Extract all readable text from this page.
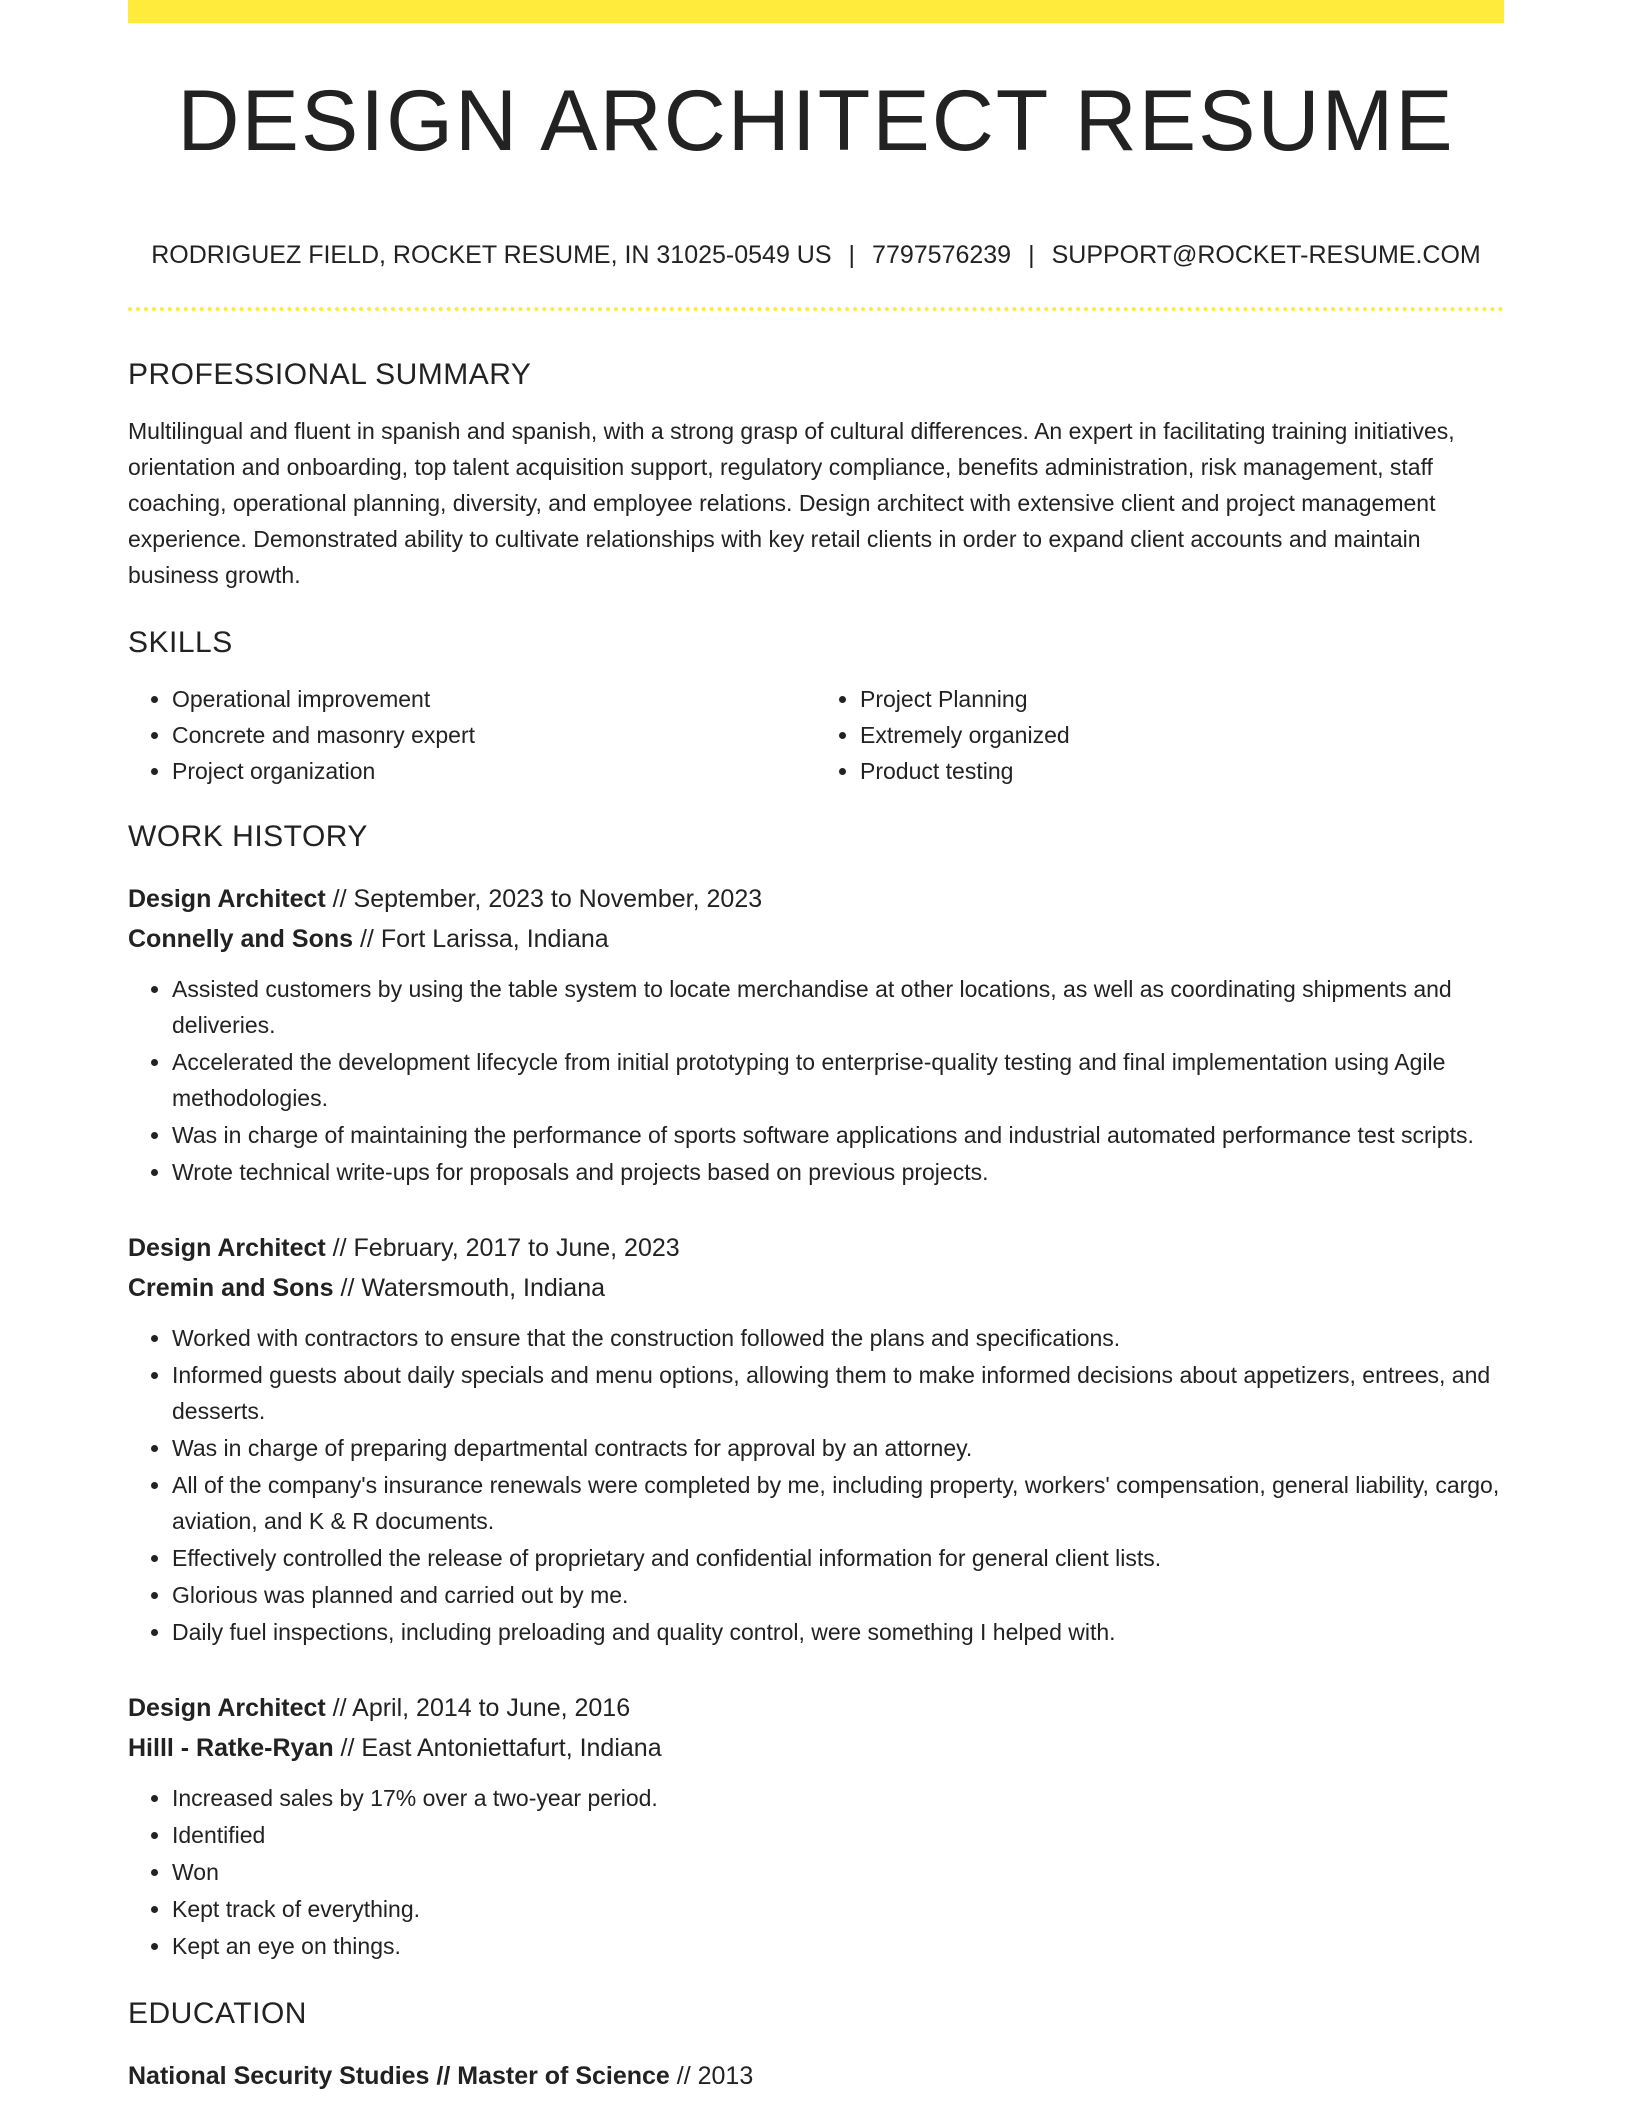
DESIGN ARCHITECT RESUME
RODRIGUEZ FIELD, ROCKET RESUME, IN 31025-0549 US | 7797576239 | SUPPORT@ROCKET-RESUME.COM
PROFESSIONAL SUMMARY

Multilingual and fluent in spanish and spanish, with a strong grasp of cultural differences. An expert in facilitating training initiatives, orientation and onboarding, top talent acquisition support, regulatory compliance, benefits administration, risk management, staff coaching, operational planning, diversity, and employee relations. Design architect with extensive client and project management experience. Demonstrated ability to cultivate relationships with key retail clients in order to expand client accounts and maintain business growth.

SKILLS
• Operational improvement
• Concrete and masonry expert
• Project organization
• Project Planning
• Extremely organized
• Product testing
WORK HISTORY
Design Architect // September, 2023 to November, 2023
Connelly and Sons // Fort Larissa, Indiana
• Assisted customers by using the table system to locate merchandise at other locations, as well as coordinating shipments and deliveries.
• Accelerated the development lifecycle from initial prototyping to enterprise-quality testing and final implementation using Agile methodologies.
• Was in charge of maintaining the performance of sports software applications and industrial automated performance test scripts.
• Wrote technical write-ups for proposals and projects based on previous projects.
Design Architect // February, 2017 to June, 2023
Cremin and Sons // Watersmouth, Indiana
• Worked with contractors to ensure that the construction followed the plans and specifications.
• Informed guests about daily specials and menu options, allowing them to make informed decisions about appetizers, entrees, and desserts.
• Was in charge of preparing departmental contracts for approval by an attorney.
• All of the company's insurance renewals were completed by me, including property, workers' compensation, general liability, cargo, aviation, and K & R documents.
• Effectively controlled the release of proprietary and confidential information for general client lists.
• Glorious was planned and carried out by me.
• Daily fuel inspections, including preloading and quality control, were something I helped with.
Design Architect // April, 2014 to June, 2016
Hilll - Ratke-Ryan // East Antoniettafurt, Indiana
• Increased sales by 17% over a two-year period.
• Identified
• Won
• Kept track of everything.
• Kept an eye on things.
EDUCATION
National Security Studies // Master of Science // 2013
